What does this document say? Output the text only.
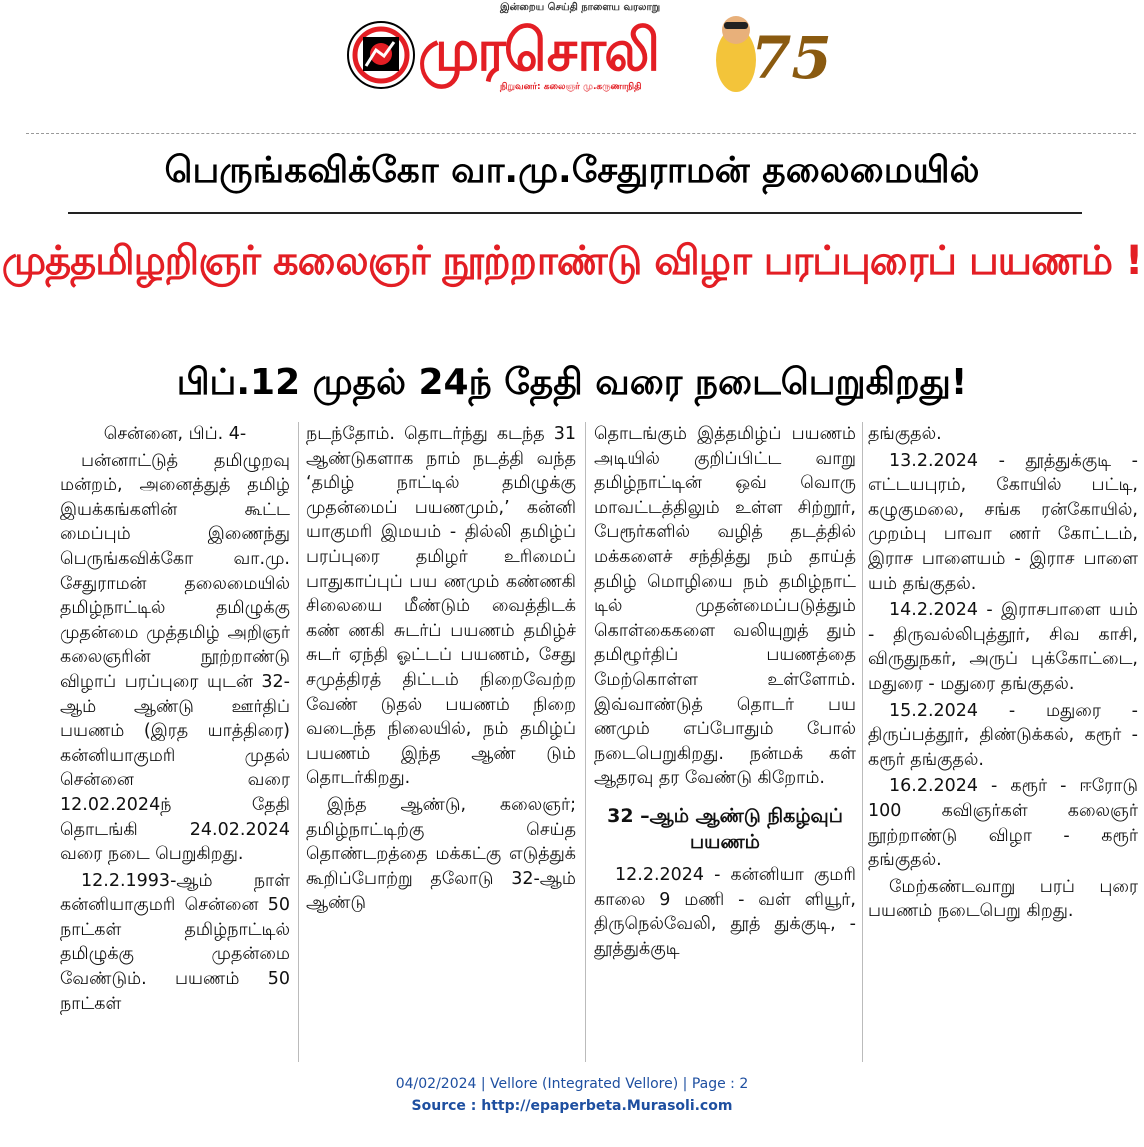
இன்றைய செய்தி நாளைய வரலாறு
முரசொலி
நிறுவனர்: கலைஞர் மு.கருணாநிதி 75
பெருங்கவிக்கோ வா.மு.சேதுராமன் தலைமையில்
முத்தமிழறிஞர் கலைஞர் நூற்றாண்டு விழா பரப்புரைப் பயணம் !
பிப்.12 முதல் 24ந் தேதி வரை நடைபெறுகிறது!

சென்னை, பிப். 4-

பன்னாட்டுத் தமிழுறவு மன்றம், அனைத்துத் தமிழ் இயக்கங்களின் கூட்ட மைப்பும் இணைந்து பெருங்கவிக்கோ வா.மு. சேதுராமன் தலைமையில் தமிழ்நாட்டில் தமிழுக்கு முதன்மை முத்தமிழ் அறிஞர் கலைஞரின் நூற்றாண்டு விழாப் பரப்புரை யுடன் 32-ஆம் ஆண்டு ஊர்திப் பயணம் (இரத யாத்திரை) கன்னியாகுமரி முதல் சென்னை வரை 12.02.2024ந் தேதி தொடங்கி 24.02.2024 வரை நடை பெறுகிறது.

12.2.1993-ஆம் நாள் கன்னியாகுமரி சென்னை 50 நாட்கள் தமிழ்நாட்டில் தமிழுக்கு முதன்மை வேண்டும். பயணம் 50 நாட்கள்

நடந்தோம். தொடர்ந்து கடந்த 31 ஆண்டுகளாக நாம் நடத்தி வந்த ‘தமிழ் நாட்டில் தமிழுக்கு முதன்மைப் பயணமும்,’ கன்னி யாகுமரி இமயம் - தில்லி தமிழ்ப் பரப்புரை தமிழர் உரிமைப் பாதுகாப்புப் பய ணமும் கண்ணகி சிலையை மீண்டும் வைத்திடக் கண் ணகி சுடர்ப் பயணம் தமிழ்ச் சுடர் ஏந்தி ஓட்டப் பயணம், சேது சமுத்திரத் திட்டம் நிறைவேற்ற வேண் டுதல் பயணம் நிறை வடைந்த நிலையில், நம் தமிழ்ப் பயணம் இந்த ஆண் டும் தொடர்கிறது.

இந்த ஆண்டு, கலைஞர்; தமிழ்நாட்டிற்கு செய்த தொண்டறத்தை மக்கட்கு எடுத்துக் கூறிப்போற்று தலோடு 32-ஆம் ஆண்டு

தொடங்கும் இத்தமிழ்ப் பயணம் அடியில் குறிப்பிட்ட வாறு தமிழ்நாட்டின் ஒவ் வொரு மாவட்டத்திலும் உள்ள சிற்றூர், பேரூர்களில் வழித் தடத்தில் மக்களைச் சந்தித்து நம் தாய்த் தமிழ் மொழியை நம் தமிழ்நாட் டில் முதன்மைப்படுத்தும் கொள்கைகளை வலியுறுத் தும் தமிழூர்திப் பயணத்தை மேற்கொள்ள உள்ளோம். இவ்வாண்டுத் தொடர் பய ணமும் எப்போதும் போல் நடைபெறுகிறது. நன்மக் கள் ஆதரவு தர வேண்டு கிறோம்.

32 –ஆம் ஆண்டு நிகழ்வுப் பயணம்

12.2.2024 - கன்னியா குமரி காலை 9 மணி - வள் ளியூர், திருநெல்வேலி, தூத் துக்குடி, - தூத்துக்குடி

தங்குதல்.

13.2.2024 - தூத்துக்குடி - எட்டயபுரம், கோயில் பட்டி, கழுகுமலை, சங்க ரன்கோயில், முறம்பு பாவா ணர் கோட்டம், இராச பாளையம் - இராச பாளை யம் தங்குதல்.

14.2.2024 - இராசபாளை யம் - திருவல்லிபுத்தூர், சிவ காசி, விருதுநகர், அருப் புக்கோட்டை, மதுரை - மதுரை தங்குதல்.

15.2.2024 - மதுரை - திருப்பத்தூர், திண்டுக்கல், கரூர் - கரூர் தங்குதல்.

16.2.2024 - கரூர் - ஈரோடு 100 கவிஞர்கள் கலைஞர் நூற்றாண்டு விழா - கரூர் தங்குதல்.

மேற்கண்டவாறு பரப் புரை பயணம் நடைபெறு கிறது.

04/02/2024 | Vellore (Integrated Vellore) | Page : 2
Source : http://epaperbeta.Murasoli.com
